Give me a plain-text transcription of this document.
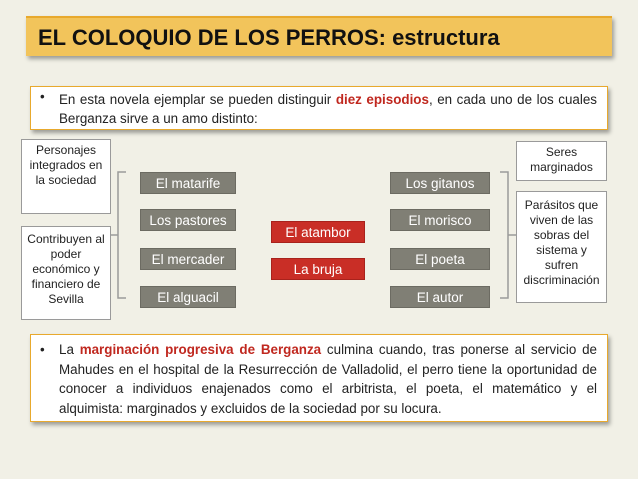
EL COLOQUIO DE LOS PERROS: estructura
• En esta novela ejemplar se pueden distinguir diez episodios, en cada uno de los cuales Berganza sirve a un amo distinto:
Personajes integrados en la sociedad
Contribuyen al poder económico y financiero de Sevilla
Seres marginados
Parásitos que viven de las sobras del sistema y sufren discriminación
El matarife
Los pastores
El mercader
El alguacil
El atambor
La bruja
Los gitanos
El morisco
El poeta
El autor
• La marginación progresiva de Berganza culmina cuando, tras ponerse al servicio de Mahudes en el hospital de la Resurrección de Valladolid, el perro tiene la oportunidad de conocer a individuos enajenados como el arbitrista, el poeta, el matemático y el alquimista: marginados y excluidos de la sociedad por su locura.
